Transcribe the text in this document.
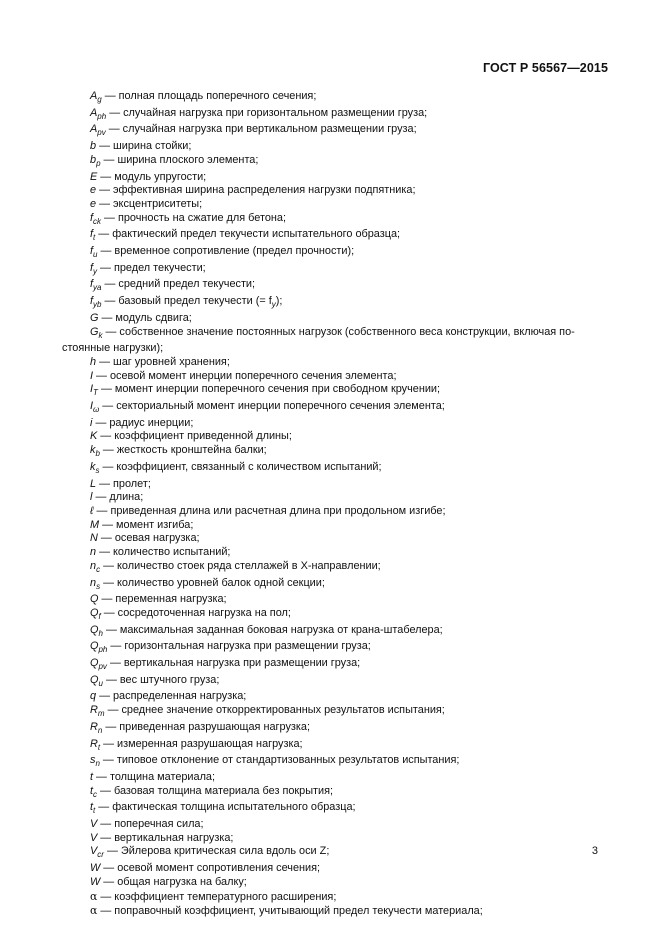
ГОСТ Р 56567—2015
$A_g$ — полная площадь поперечного сечения;
$A_{ph}$ — случайная нагрузка при горизонтальном размещении груза;
$A_{pv}$ — случайная нагрузка при вертикальном размещении груза;
b — ширина стойки;
$b_p$ — ширина плоского элемента;
E — модуль упругости;
e — эффективная ширина распределения нагрузки подпятника;
e — эксцентриситеты;
$f_{ck}$ — прочность на сжатие для бетона;
$f_t$ — фактический предел текучести испытательного образца;
$f_u$ — временное сопротивление (предел прочности);
$f_y$ — предел текучести;
$f_{ya}$ — средний предел текучести;
$f_{yb}$ — базовый предел текучести (= $f_y$);
G — модуль сдвига;
$G_k$ — собственное значение постоянных нагрузок (собственного веса конструкции, включая по-
стоянные нагрузки);
h — шаг уровней хранения;
I — осевой момент инерции поперечного сечения элемента;
$I_T$ — момент инерции поперечного сечения при свободном кручении;
$I_\omega$ — секториальный момент инерции поперечного сечения элемента;
i — радиус инерции;
K — коэффициент приведенной длины;
$k_b$ — жесткость кронштейна балки;
$k_s$ — коэффициент, связанный с количеством испытаний;
L — пролет;
l — длина;
ℓ — приведенная длина или расчетная длина при продольном изгибе;
M — момент изгиба;
N — осевая нагрузка;
n — количество испытаний;
$n_c$ — количество стоек ряда стеллажей в X-направлении;
$n_s$ — количество уровней балок одной секции;
Q — переменная нагрузка;
$Q_f$ — сосредоточенная нагрузка на пол;
$Q_h$ — максимальная заданная боковая нагрузка от крана-штабелера;
$Q_{ph}$ — горизонтальная нагрузка при размещении груза;
$Q_{pv}$ — вертикальная нагрузка при размещении груза;
$Q_u$ — вес штучного груза;
q — распределенная нагрузка;
$R_m$ — среднее значение откорректированных результатов испытания;
$R_n$ — приведенная разрушающая нагрузка;
$R_t$ — измеренная разрушающая нагрузка;
$s_n$ — типовое отклонение от стандартизованных результатов испытания;
t — толщина материала;
$t_c$ — базовая толщина материала без покрытия;
$t_t$ — фактическая толщина испытательного образца;
V — поперечная сила;
V — вертикальная нагрузка;
$V_{cr}$ — Эйлерова критическая сила вдоль оси Z;
W — осевой момент сопротивления сечения;
W — общая нагрузка на балку;
α — коэффициент температурного расширения;
α — поправочный коэффициент, учитывающий предел текучести материала;
3
